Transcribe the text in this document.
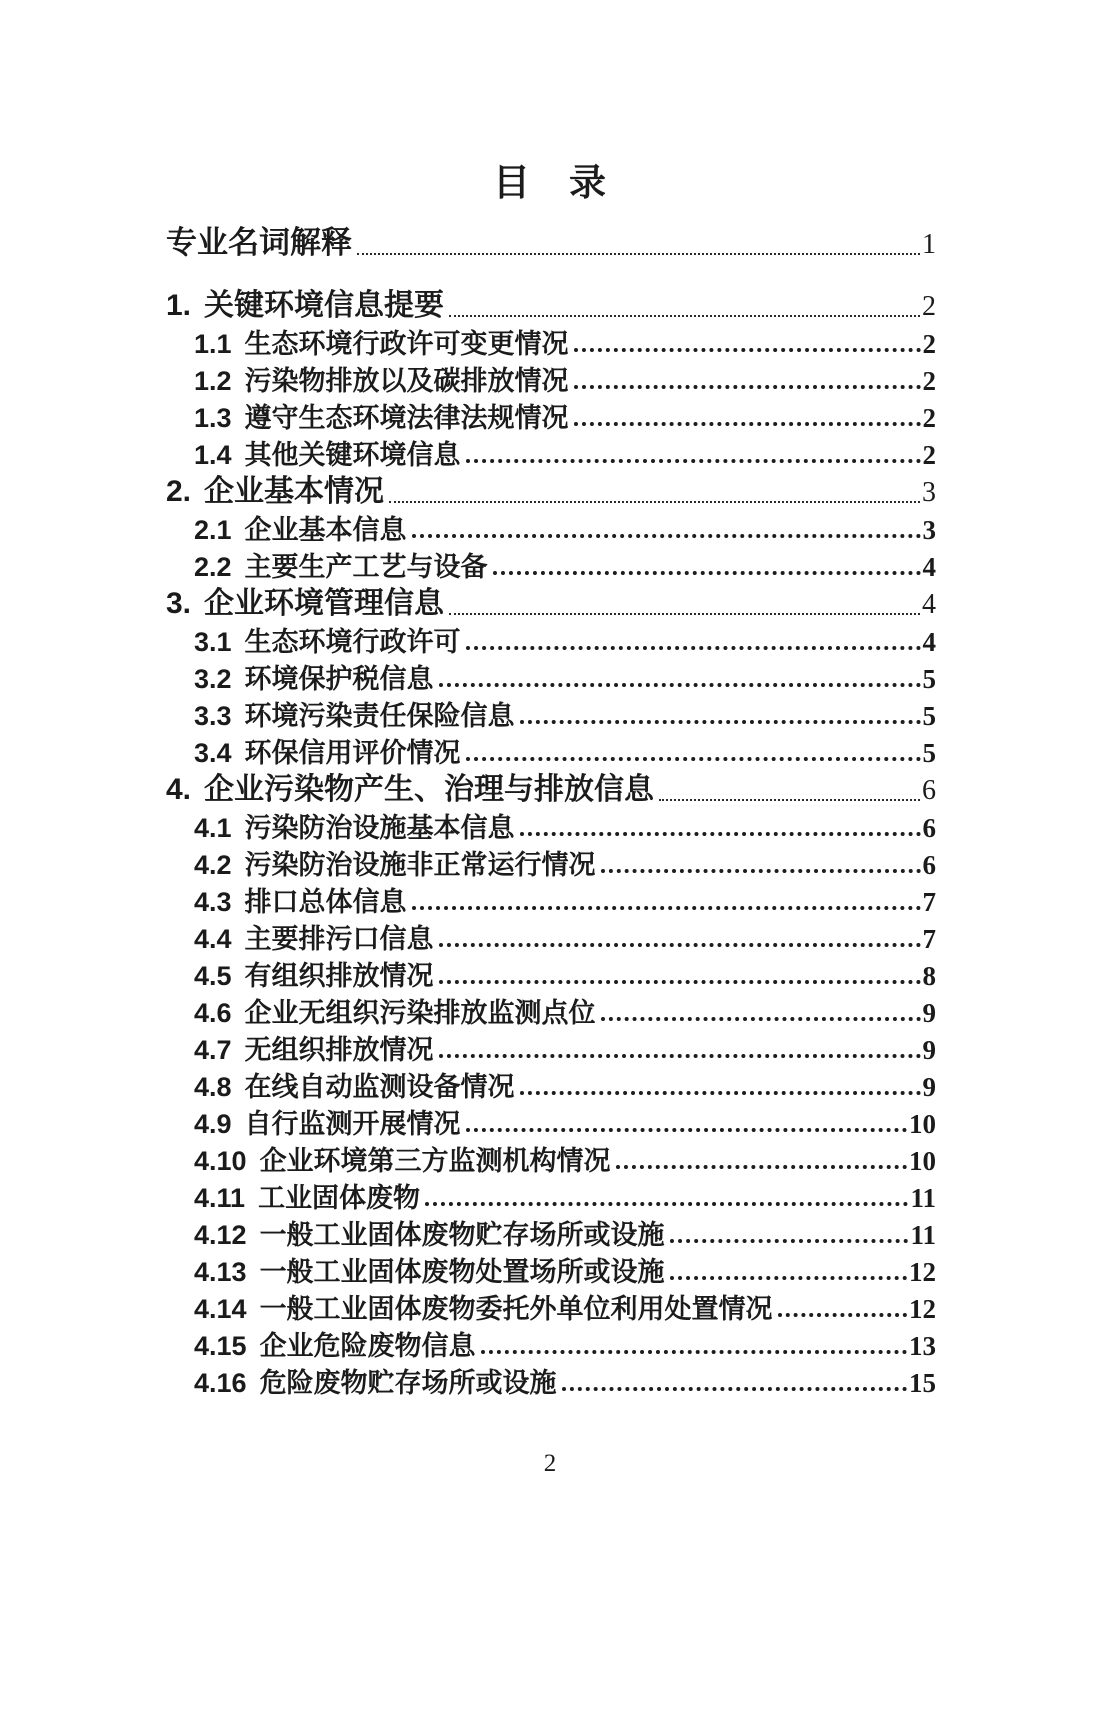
目　录
专业名词解释	1
1. 关键环境信息提要	2
1.1 生态环境行政许可变更情况	2
1.2 污染物排放以及碳排放情况	2
1.3 遵守生态环境法律法规情况	2
1.4 其他关键环境信息	2
2. 企业基本情况	3
2.1 企业基本信息	3
2.2 主要生产工艺与设备	4
3. 企业环境管理信息	4
3.1 生态环境行政许可	4
3.2 环境保护税信息	5
3.3 环境污染责任保险信息	5
3.4 环保信用评价情况	5
4. 企业污染物产生、治理与排放信息	6
4.1 污染防治设施基本信息	6
4.2 污染防治设施非正常运行情况	6
4.3 排口总体信息	7
4.4 主要排污口信息	7
4.5 有组织排放情况	8
4.6 企业无组织污染排放监测点位	9
4.7 无组织排放情况	9
4.8 在线自动监测设备情况	9
4.9 自行监测开展情况	10
4.10 企业环境第三方监测机构情况	10
4.11 工业固体废物	11
4.12 一般工业固体废物贮存场所或设施	11
4.13 一般工业固体废物处置场所或设施	12
4.14 一般工业固体废物委托外单位利用处置情况	12
4.15 企业危险废物信息	13
4.16 危险废物贮存场所或设施	15
2
